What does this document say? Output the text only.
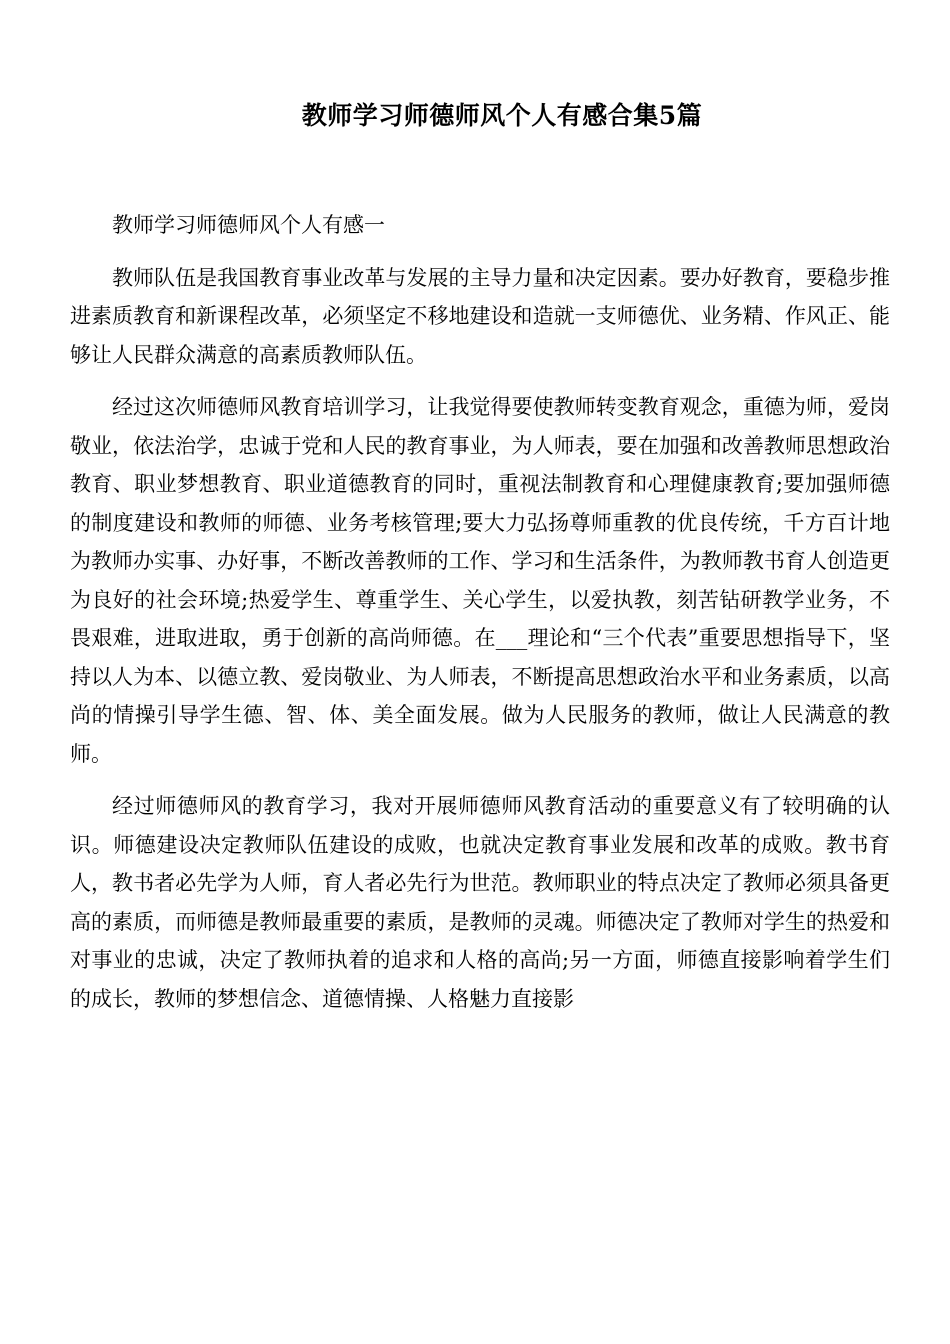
教师学习师德师风个人有感合集5篇

教师学习师德师风个人有感一

教师队伍是我国教育事业改革与发展的主导力量和决定因素。要办好教育，要稳步推进素质教育和新课程改革，必须坚定不移地建设和造就一支师德优、业务精、作风正、能够让人民群众满意的高素质教师队伍。

经过这次师德师风教育培训学习，让我觉得要使教师转变教育观念，重德为师，爱岗敬业，依法治学，忠诚于党和人民的教育事业，为人师表，要在加强和改善教师思想政治教育、职业梦想教育、职业道德教育的同时，重视法制教育和心理健康教育;要加强师德的制度建设和教师的师德、业务考核管理;要大力弘扬尊师重教的优良传统，千方百计地为教师办实事、办好事，不断改善教师的工作、学习和生活条件，为教师教书育人创造更为良好的社会环境;热爱学生、尊重学生、关心学生，以爱执教，刻苦钻研教学业务，不畏艰难，进取进取，勇于创新的高尚师德。在___理论和“三个代表”重要思想指导下，坚持以人为本、以德立教、爱岗敬业、为人师表，不断提高思想政治水平和业务素质，以高尚的情操引导学生德、智、体、美全面发展。做为人民服务的教师，做让人民满意的教师。

经过师德师风的教育学习，我对开展师德师风教育活动的重要意义有了较明确的认识。师德建设决定教师队伍建设的成败，也就决定教育事业发展和改革的成败。教书育人，教书者必先学为人师，育人者必先行为世范。教师职业的特点决定了教师必须具备更高的素质，而师德是教师最重要的素质，是教师的灵魂。师德决定了教师对学生的热爱和对事业的忠诚，决定了教师执着的追求和人格的高尚;另一方面，师德直接影响着学生们的成长，教师的梦想信念、道德情操、人格魅力直接影
